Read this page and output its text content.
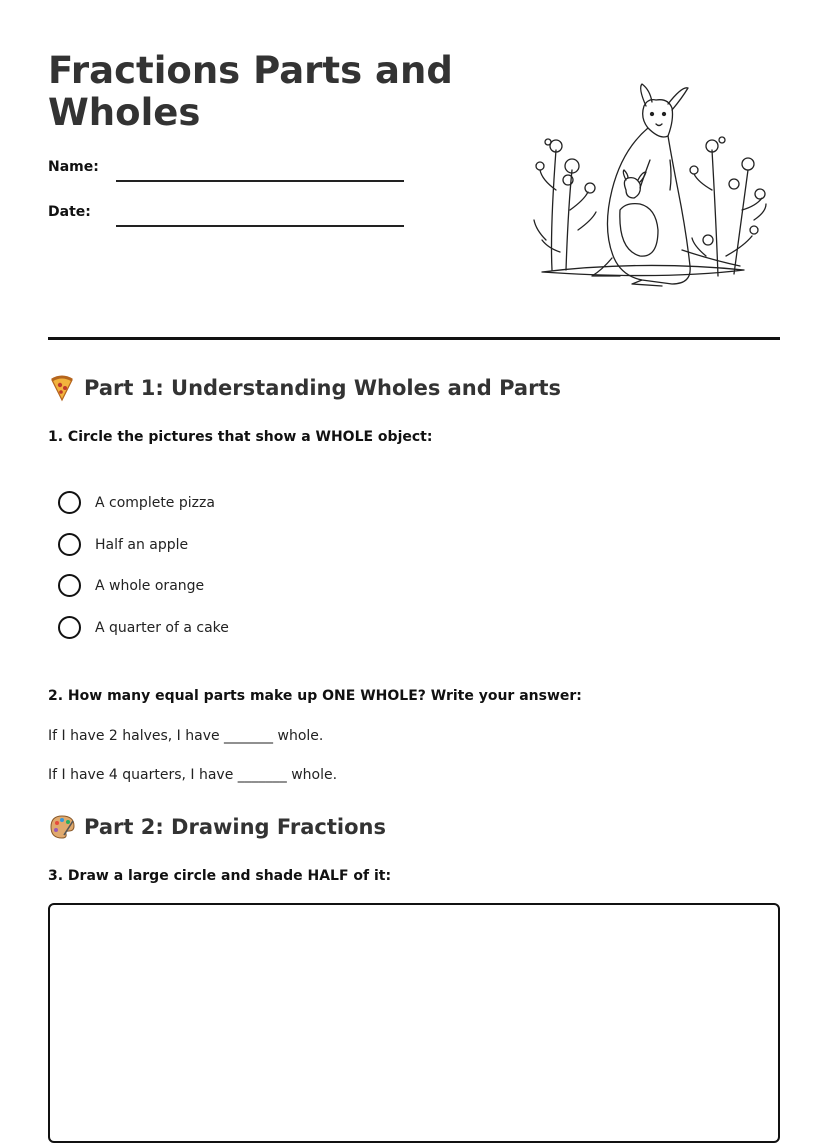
Fractions Parts and Wholes
Name:
Date:
Part 1: Understanding Wholes and Parts
1. Circle the pictures that show a WHOLE object:
A complete pizza
Half an apple
A whole orange
A quarter of a cake
2. How many equal parts make up ONE WHOLE? Write your answer:
If I have 2 halves, I have _______ whole.
If I have 4 quarters, I have _______ whole.
Part 2: Drawing Fractions
3. Draw a large circle and shade HALF of it:
